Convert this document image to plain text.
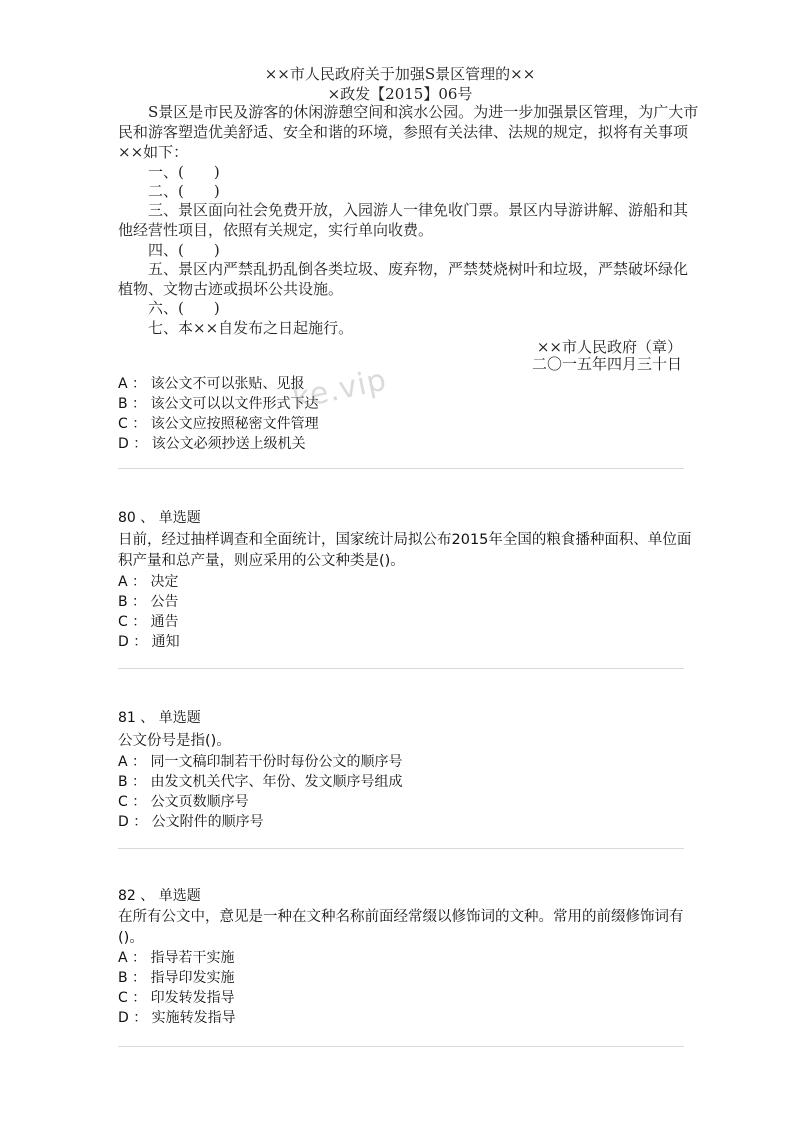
××市人民政府关于加强S景区管理的××
×政发【2015】06号
S景区是市民及游客的休闲游憩空间和滨水公园。为进一步加强景区管理，为广大市
民和游客塑造优美舒适、安全和谐的环境，参照有关法律、法规的规定，拟将有关事项
××如下：
一、(　　)
二、(　　)
三、景区面向社会免费开放，入园游人一律免收门票。景区内导游讲解、游船和其
他经营性项目，依照有关规定，实行单向收费。
四、(　　)
五、景区内严禁乱扔乱倒各类垃圾、废弃物，严禁焚烧树叶和垃圾，严禁破坏绿化
植物、文物古迹或损坏公共设施。
六、(　　)
七、本××自发布之日起施行。
××市人民政府（章）
二〇一五年四月三十日
A ： 该公文不可以张贴、见报
B ： 该公文可以以文件形式下达
C ： 该公文应按照秘密文件管理
D ： 该公文必须抄送上级机关
ke.vip
80 、 单选题
日前，经过抽样调查和全面统计，国家统计局拟公布2015年全国的粮食播种面积、单位面积产量和总产量，则应采用的公文种类是()。
A ： 决定
B ： 公告
C ： 通告
D ： 通知
81 、 单选题
公文份号是指()。
A ： 同一文稿印制若干份时每份公文的顺序号
B ： 由发文机关代字、年份、发文顺序号组成
C ： 公文页数顺序号
D ： 公文附件的顺序号
82 、 单选题
在所有公文中，意见是一种在文种名称前面经常缀以修饰词的文种。常用的前缀修饰词有()。
A ： 指导若干实施
B ： 指导印发实施
C ： 印发转发指导
D ： 实施转发指导
